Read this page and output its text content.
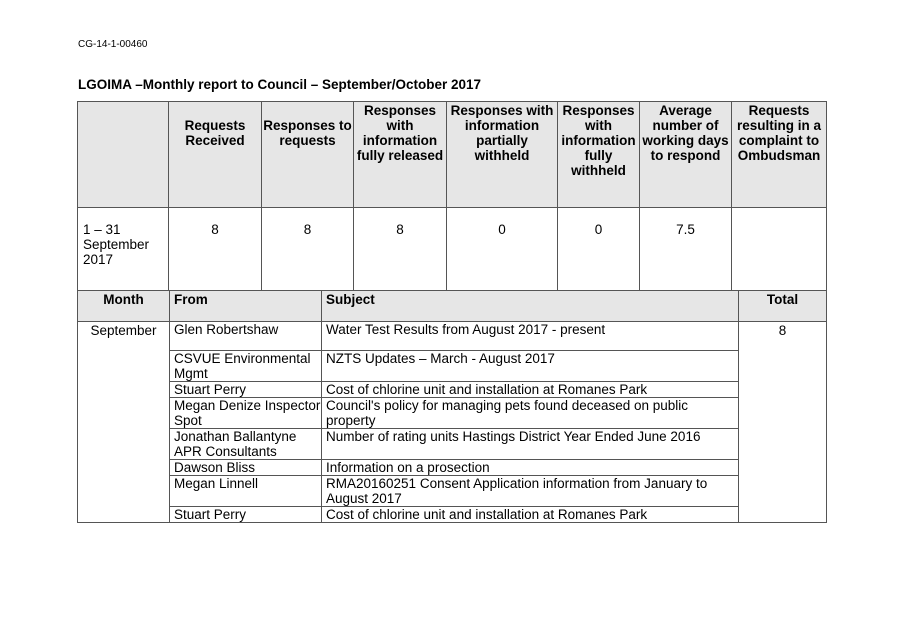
CG-14-1-00460
LGOIMA –Monthly report to Council – September/October 2017
	Requests Received	Responses to requests	Responses with information fully released	Responses with information partially withheld	Responses with information fully withheld	Average number of working days to respond	Requests resulting in a complaint to Ombudsman
1 – 31 September 2017	8	8	8	0	0	7.5	
Month	From	Subject	Total
September	Glen Robertshaw	Water Test Results from August 2017 - present	8
	CSVUE Environmental Mgmt	NZTS Updates – March - August 2017	
	Stuart Perry	Cost of chlorine unit and installation at Romanes Park	
	Megan Denize Inspector Spot	Council's policy for managing pets found deceased on public property	
	Jonathan Ballantyne APR Consultants	Number of rating units Hastings District Year Ended June 2016	
	Dawson Bliss	Information on a prosection	
	Megan Linnell	RMA20160251 Consent Application information from January to August 2017	
	Stuart Perry	Cost of chlorine unit and installation at Romanes Park	
